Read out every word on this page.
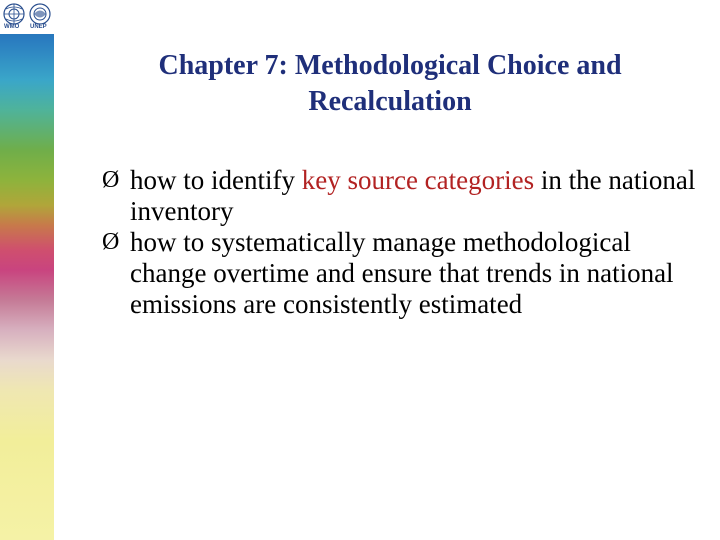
WMO UNEP
Chapter 7: Methodological Choice and
Recalculation
Ø how to identify key source categories in the national inventory
Ø how to systematically manage methodological change overtime and ensure that trends in national emissions are consistently estimated
